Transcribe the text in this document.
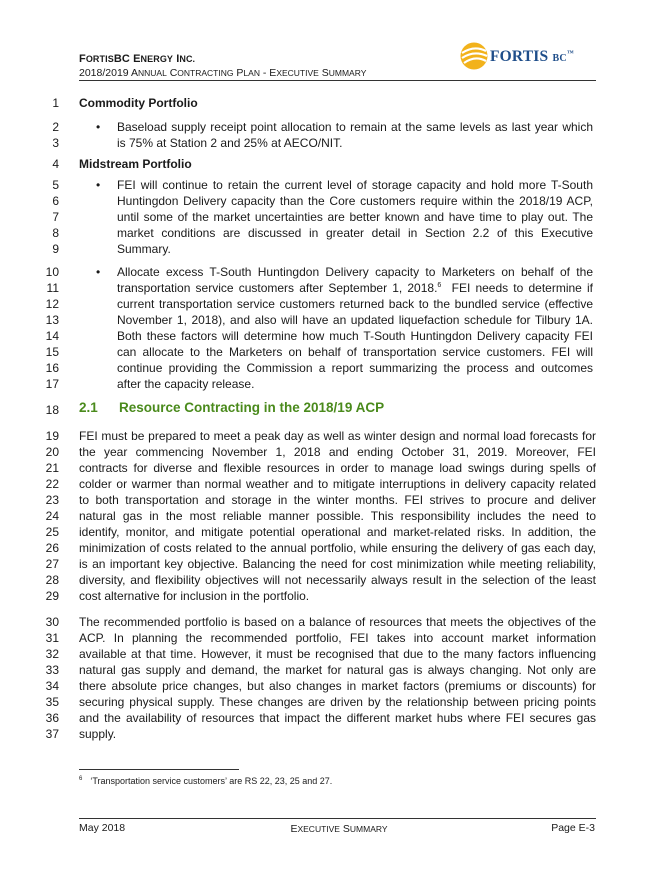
FORTISBC ENERGY INC.
2018/2019 ANNUAL CONTRACTING PLAN - EXECUTIVE SUMMARY
FORTIS BC™
1 Commodity Portfolio
2	• Baseload supply receipt point allocation to remain at the same levels as last year which
3	is 75% at Station 2 and 25% at AECO/NIT.
4 Midstream Portfolio
5	• FEI will continue to retain the current level of storage capacity and hold more T-South
6	Huntingdon Delivery capacity than the Core customers require within the 2018/19 ACP,
7	until some of the market uncertainties are better known and have time to play out. The
8	market conditions are discussed in greater detail in Section 2.2 of this Executive
9	Summary.
10	• Allocate excess T-South Huntingdon Delivery capacity to Marketers on behalf of the
11	transportation service customers after September 1, 2018.$^6$  FEI needs to determine if
12	current transportation service customers returned back to the bundled service (effective
13	November 1, 2018), and also will have an updated liquefaction schedule for Tilbury 1A.
14	Both these factors will determine how much T-South Huntingdon Delivery capacity FEI
15	can allocate to the Marketers on behalf of transportation service customers. FEI will
16	continue providing the Commission a report summarizing the process and outcomes
17	after the capacity release.
18 2.1 Resource Contracting in the 2018/19 ACP
19 FEI must be prepared to meet a peak day as well as winter design and normal load forecasts for
20 the year commencing November 1, 2018 and ending October 31, 2019. Moreover, FEI
21 contracts for diverse and flexible resources in order to manage load swings during spells of
22 colder or warmer than normal weather and to mitigate interruptions in delivery capacity related
23 to both transportation and storage in the winter months. FEI strives to procure and deliver
24 natural gas in the most reliable manner possible. This responsibility includes the need to
25 identify, monitor, and mitigate potential operational and market-related risks. In addition, the
26 minimization of costs related to the annual portfolio, while ensuring the delivery of gas each day,
27 is an important key objective. Balancing the need for cost minimization while meeting reliability,
28 diversity, and flexibility objectives will not necessarily always result in the selection of the least
29 cost alternative for inclusion in the portfolio.
30 The recommended portfolio is based on a balance of resources that meets the objectives of the
31 ACP. In planning the recommended portfolio, FEI takes into account market information
32 available at that time. However, it must be recognised that due to the many factors influencing
33 natural gas supply and demand, the market for natural gas is always changing. Not only are
34 there absolute price changes, but also changes in market factors (premiums or discounts) for
35 securing physical supply. These changes are driven by the relationship between pricing points
36 and the availability of resources that impact the different market hubs where FEI secures gas
37 supply.
$^6$ ‘Transportation service customers’ are RS 22, 23, 25 and 27.
May 2018	EXECUTIVE SUMMARY	Page E-3
